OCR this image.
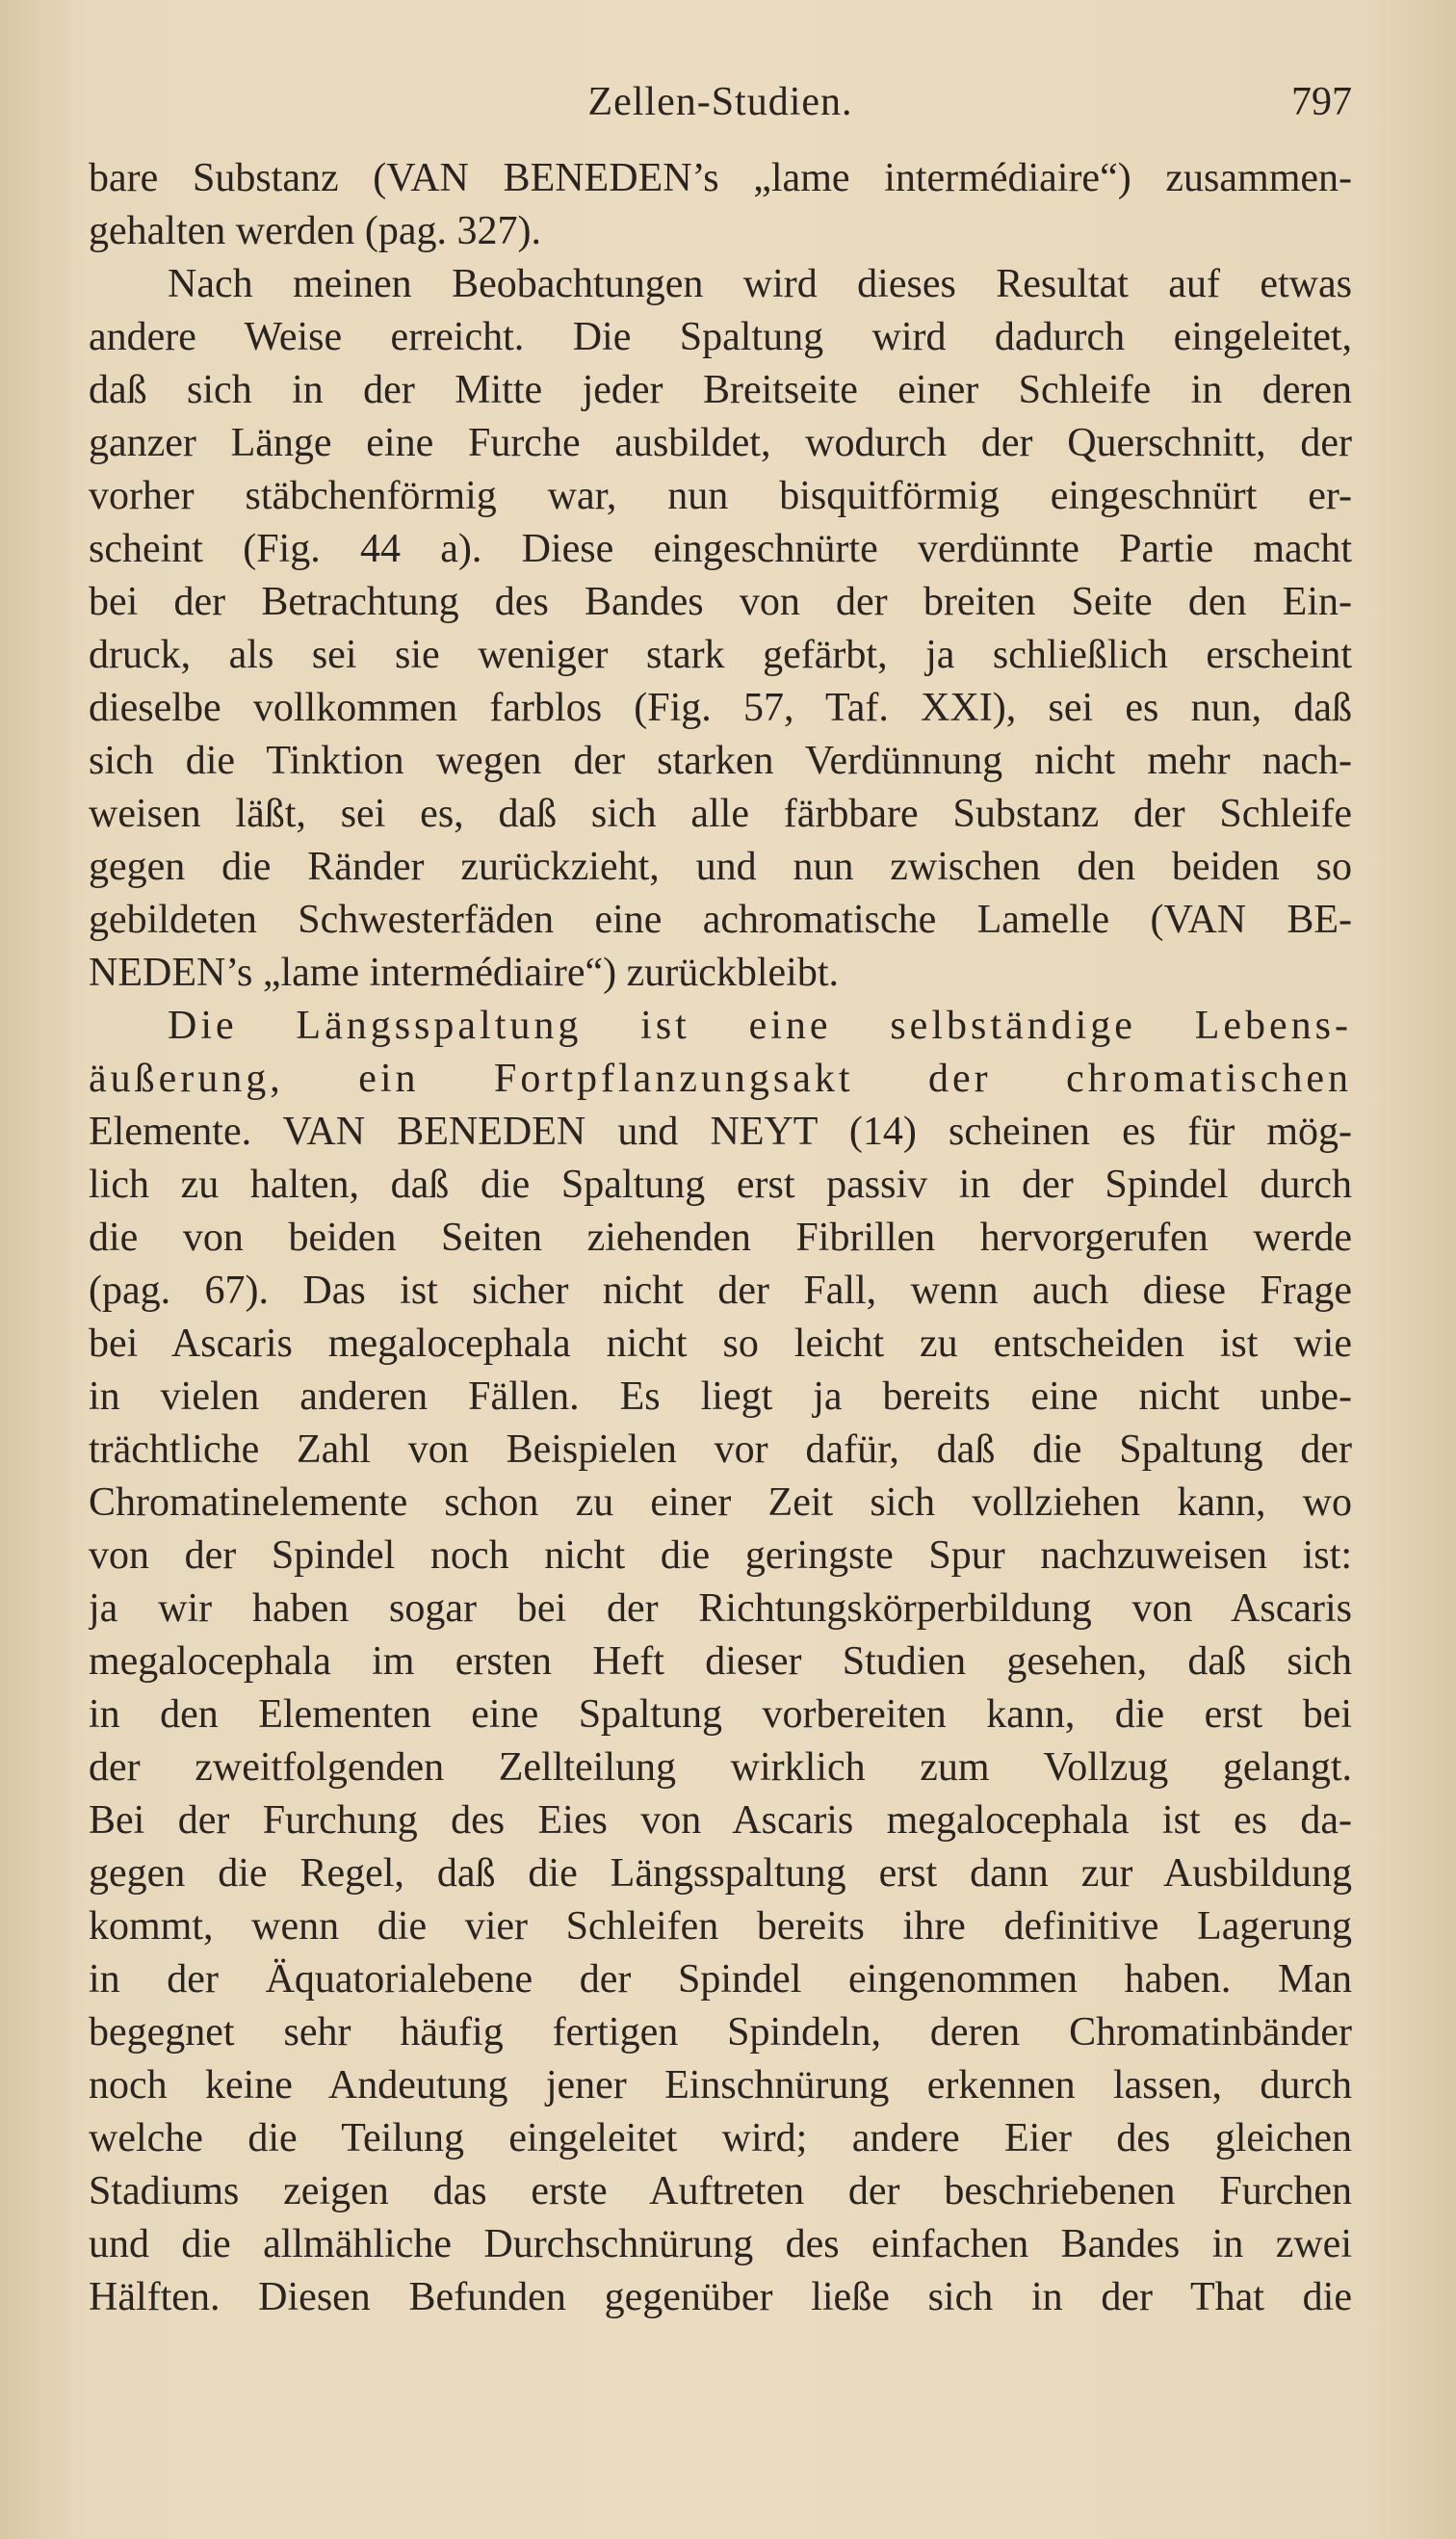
Zellen-Studien.	797
bare Substanz (VAN BENEDEN’s „lame intermédiaire“) zusammen-
gehalten werden (pag. 327).
Nach meinen Beobachtungen wird dieses Resultat auf etwas
andere Weise erreicht. Die Spaltung wird dadurch eingeleitet,
daß sich in der Mitte jeder Breitseite einer Schleife in deren
ganzer Länge eine Furche ausbildet, wodurch der Querschnitt, der
vorher stäbchenförmig war, nun bisquitförmig eingeschnürt er-
scheint (Fig. 44 a). Diese eingeschnürte verdünnte Partie macht
bei der Betrachtung des Bandes von der breiten Seite den Ein-
druck, als sei sie weniger stark gefärbt, ja schließlich erscheint
dieselbe vollkommen farblos (Fig. 57, Taf. XXI), sei es nun, daß
sich die Tinktion wegen der starken Verdünnung nicht mehr nach-
weisen läßt, sei es, daß sich alle färbbare Substanz der Schleife
gegen die Ränder zurückzieht, und nun zwischen den beiden so
gebildeten Schwesterfäden eine achromatische Lamelle (VAN BE-
NEDEN’s „lame intermédiaire“) zurückbleibt.
Die Längsspaltung ist eine selbständige Lebens-
äußerung, ein Fortpflanzungsakt der chromatischen
Elemente. VAN BENEDEN und NEYT (14) scheinen es für mög-
lich zu halten, daß die Spaltung erst passiv in der Spindel durch
die von beiden Seiten ziehenden Fibrillen hervorgerufen werde
(pag. 67). Das ist sicher nicht der Fall, wenn auch diese Frage
bei Ascaris megalocephala nicht so leicht zu entscheiden ist wie
in vielen anderen Fällen. Es liegt ja bereits eine nicht unbe-
trächtliche Zahl von Beispielen vor dafür, daß die Spaltung der
Chromatinelemente schon zu einer Zeit sich vollziehen kann, wo
von der Spindel noch nicht die geringste Spur nachzuweisen ist:
ja wir haben sogar bei der Richtungskörperbildung von Ascaris
megalocephala im ersten Heft dieser Studien gesehen, daß sich
in den Elementen eine Spaltung vorbereiten kann, die erst bei
der zweitfolgenden Zellteilung wirklich zum Vollzug gelangt.
Bei der Furchung des Eies von Ascaris megalocephala ist es da-
gegen die Regel, daß die Längsspaltung erst dann zur Ausbildung
kommt, wenn die vier Schleifen bereits ihre definitive Lagerung
in der Äquatorialebene der Spindel eingenommen haben. Man
begegnet sehr häufig fertigen Spindeln, deren Chromatinbänder
noch keine Andeutung jener Einschnürung erkennen lassen, durch
welche die Teilung eingeleitet wird; andere Eier des gleichen
Stadiums zeigen das erste Auftreten der beschriebenen Furchen
und die allmähliche Durchschnürung des einfachen Bandes in zwei
Hälften. Diesen Befunden gegenüber ließe sich in der That die
